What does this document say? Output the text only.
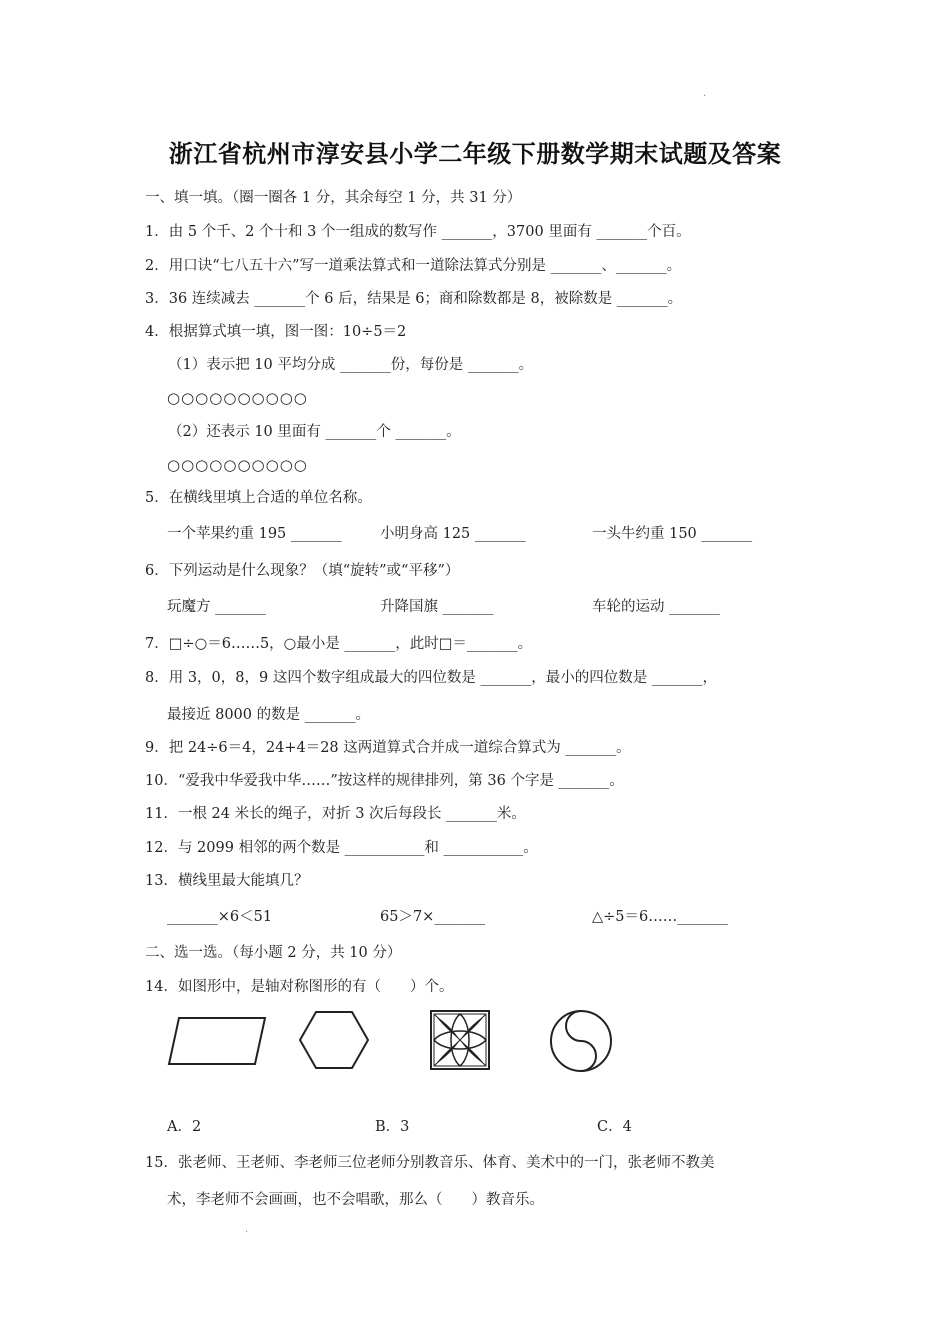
.
浙江省杭州市淳安县小学二年级下册数学期末试题及答案
一、填一填。（圈一圈各 1 分，其余每空 1 分，共 31 分）
1．由 5 个千、2 个十和 3 个一组成的数写作 _______，3700 里面有 _______个百。
2．用口诀“七八五十六”写一道乘法算式和一道除法算式分别是 _______、_______。
3．36 连续减去 _______个 6 后，结果是 6；商和除数都是 8，被除数是 _______。
4．根据算式填一填，图一图：10÷5＝2
（1）表示把 10 平均分成 _______份，每份是 _______。
○○○○○○○○○○
（2）还表示 10 里面有 _______个 _______。
○○○○○○○○○○
5．在横线里填上合适的单位名称。
一个苹果约重 195 _______	小明身高 125 _______	一头牛约重 150 _______
6．下列运动是什么现象？（填“旋转”或“平移”）
玩魔方 _______	升降国旗 _______	车轮的运动 _______
7．□÷○＝6……5，○最小是 _______，此时□＝_______。
8．用 3，0，8，9 这四个数字组成最大的四位数是 _______，最小的四位数是 _______，
最接近 8000 的数是 _______。
9．把 24÷6＝4，24+4＝28 这两道算式合并成一道综合算式为 _______。
10．“爱我中华爱我中华……”按这样的规律排列，第 36 个字是 _______。
11．一根 24 米长的绳子，对折 3 次后每段长 _______米。
12．与 2099 相邻的两个数是 ___________和 ___________。
13．横线里最大能填几？
_______×6＜51	65＞7×_______	△÷5＝6……_______
二、选一选。（每小题 2 分，共 10 分）
14．如图形中，是轴对称图形的有（　　）个。
A．2	B．3	C．4
15．张老师、王老师、李老师三位老师分别教音乐、体育、美术中的一门，张老师不教美
术，李老师不会画画，也不会唱歌，那么（　　）教音乐。
.
